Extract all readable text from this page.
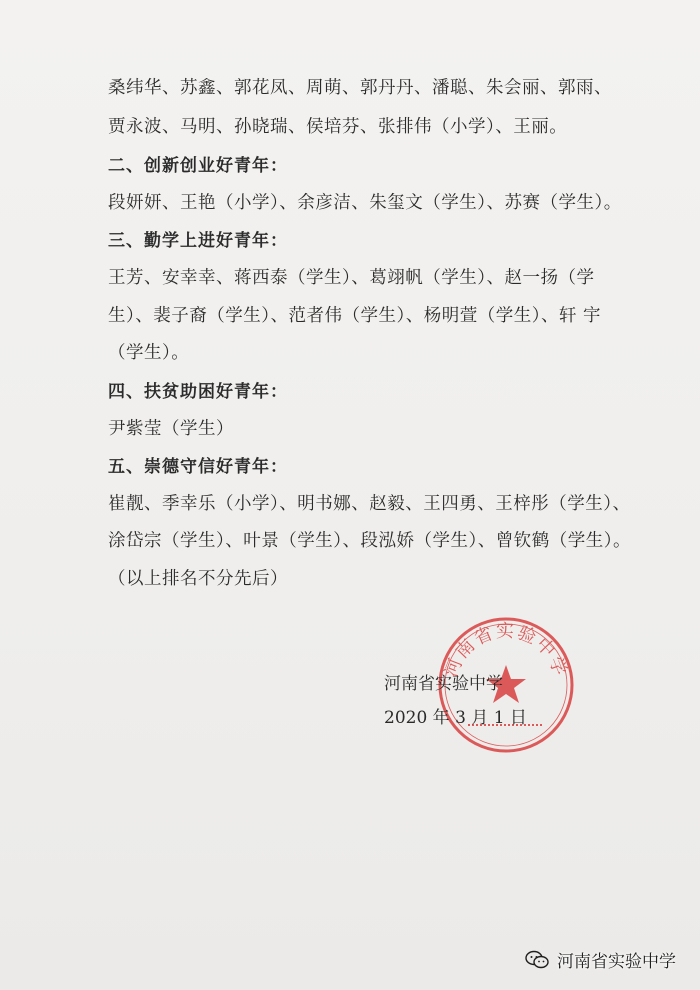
桑纬华、苏鑫、郭花凤、周萌、郭丹丹、潘聪、朱会丽、郭雨、
贾永波、马明、孙晓瑞、侯培芬、张排伟（小学）、王丽。
二、创新创业好青年：
段妍妍、王艳（小学）、余彦洁、朱玺文（学生）、苏赛（学生）。
三、勤学上进好青年：
王芳、安幸幸、蒋西泰（学生）、葛翊帆（学生）、赵一扬（学
生）、裴子裔（学生）、范者伟（学生）、杨明萱（学生）、轩 宇
（学生）。
四、扶贫助困好青年：
尹紫莹（学生）
五、崇德守信好青年：
崔靓、季幸乐（小学）、明书娜、赵毅、王四勇、王梓彤（学生）、
涂岱宗（学生）、叶景（学生）、段泓娇（学生）、曾钦鹤（学生）。
（以上排名不分先后）
河南省实验中学
河南省实验中学
2020 年 3 月 1 日
河南省实验中学
